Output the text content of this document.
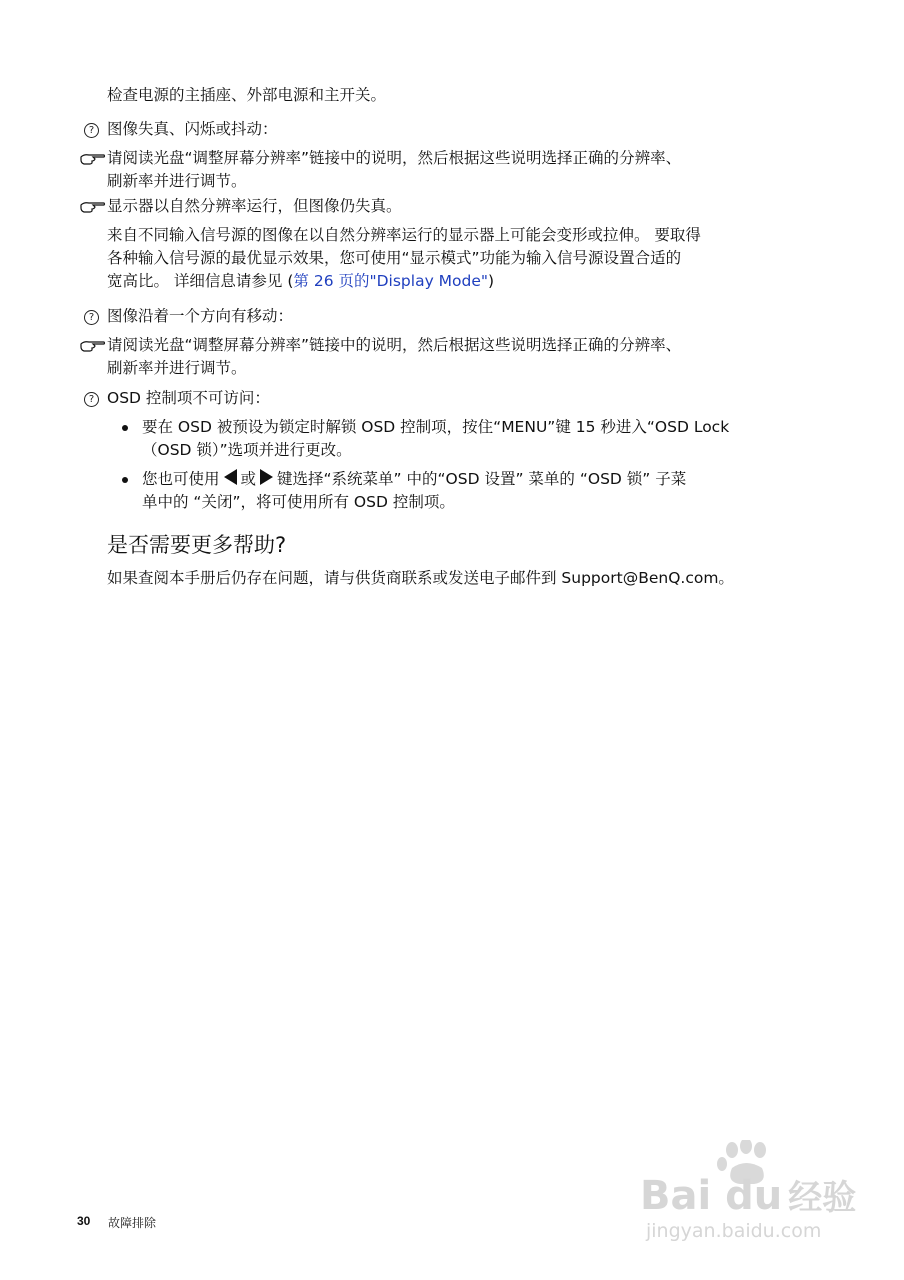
检查电源的主插座、外部电源和主开关。
? 图像失真、闪烁或抖动：
请阅读光盘“调整屏幕分辨率”链接中的说明，然后根据这些说明选择正确的分辨率、
刷新率并进行调节。
显示器以自然分辨率运行，但图像仍失真。
来自不同输入信号源的图像在以自然分辨率运行的显示器上可能会变形或拉伸。 要取得
各种输入信号源的最优显示效果，您可使用“显示模式”功能为输入信号源设置合适的
宽高比。 详细信息请参见 (第 26 页的"Display Mode")
? 图像沿着一个方向有移动：
请阅读光盘“调整屏幕分辨率”链接中的说明，然后根据这些说明选择正确的分辨率、
刷新率并进行调节。
? OSD 控制项不可访问：
要在 OSD 被预设为锁定时解锁 OSD 控制项，按住“MENU”键 15 秒进入“OSD Lock
（OSD 锁）”选项并进行更改。
您也可使用 或 键选择“系统菜单” 中的“OSD 设置” 菜单的 “OSD 锁” 子菜
单中的 “关闭”，将可使用所有 OSD 控制项。
是否需要更多帮助?
如果查阅本手册后仍存在问题，请与供货商联系或发送电子邮件到 Support@BenQ.com。
30 故障排除
Bai du 经验
jingyan.baidu.com
